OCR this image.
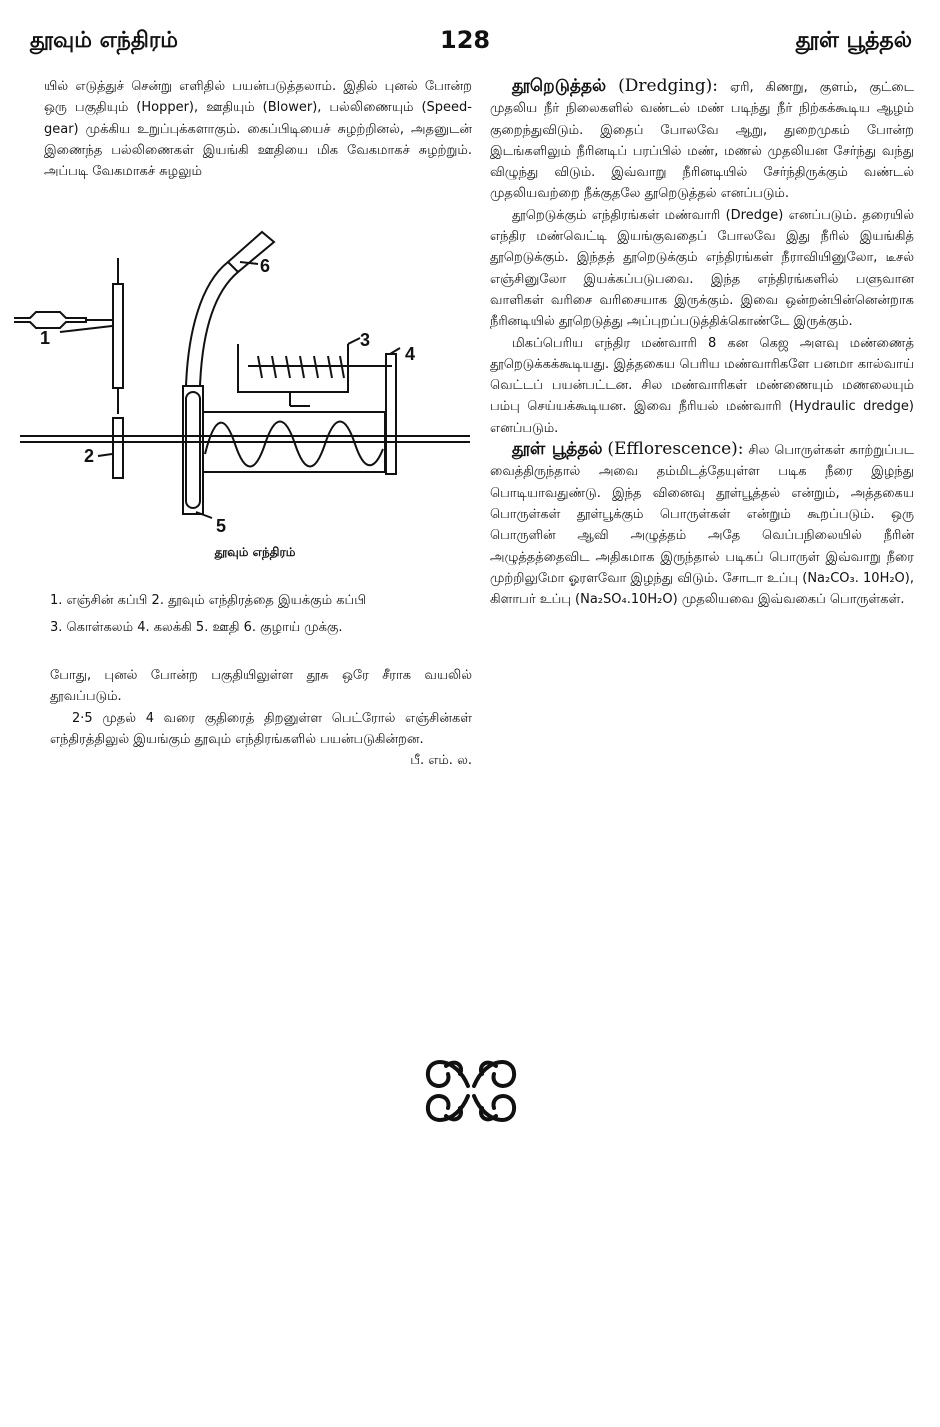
தூவும் எந்திரம்	128	தூள் பூத்தல்

யில் எடுத்துச் சென்று எளிதில் பயன்படுத்தலாம். இதில் புனல் போன்ற ஒரு பகுதியும் (Hopper), ஊதியும் (Blower), பல்லிணையும் (Speed-gear) முக்கிய உறுப்புக்களாகும். கைப்பிடியைச் சுழற்றினல், அதனுடன் இணைந்த பல்லிணைகள் இயங்கி ஊதியை மிக வேகமாகச் சுழற்றும். அப்படி வேகமாகச் சுழலும்

1
2
3
4
5
6
தூவும் எந்திரம்
1. எஞ்சின் கப்பி 2. தூவும் எந்திரத்தை இயக்கும் கப்பி
3. கொள்கலம் 4. கலக்கி 5. ஊதி 6. குழாய் முக்கு.

போது, புனல் போன்ற பகுதியிலுள்ள தூசு ஒரே சீராக வயலில் தூவப்படும்.

2·5 முதல் 4 வரை குதிரைத் திறனுள்ள பெட்ரோல் எஞ்சின்கள் எந்திரத்திலுல் இயங்கும் தூவும் எந்திரங்களில் பயன்படுகின்றன.
பீ. எம். ல.

தூறெடுத்தல் (Dredging): ஏரி, கிணறு, குளம், குட்டை முதலிய நீர் நிலைகளில் வண்டல் மண் படிந்து நீர் நிற்கக்கூடிய ஆழம் குறைந்துவிடும். இதைப் போலவே ஆறு, துறைமுகம் போன்ற இடங்களிலும் நீரினடிப் பரப்பில் மண், மணல் முதலியன சேர்ந்து வந்து விழுந்து விடும். இவ்வாறு நீரினடியில் சேர்ந்திருக்கும் வண்டல் முதலியவற்றை நீக்குதலே தூறெடுத்தல் எனப்படும்.

தூறெடுக்கும் எந்திரங்கள் மண்வாரி (Dredge) எனப்படும். தரையில் எந்திர மண்வெட்டி இயங்குவதைப் போலவே இது நீரில் இயங்கித் தூறெடுக்கும். இந்தத் தூறெடுக்கும் எந்திரங்கள் நீராவியினுலோ, டீசல் எஞ்சினுலோ இயக்கப்படுபவை. இந்த எந்திரங்களில் பளுவான வாளிகள் வரிசை வரிசையாக இருக்கும். இவை ஒன்றன்பின்னென்றாக நீரினடியில் தூறெடுத்து அப்புறப்படுத்திக்கொண்டே இருக்கும்.

மிகப்பெரிய எந்திர மண்வாரி 8 கன கெஜ அளவு மண்ணைத் தூறெடுக்கக்கூடியது. இத்தகைய பெரிய மண்வாரிகளே பனமா கால்வாய் வெட்டப் பயன்பட்டன. சில மண்வாரிகள் மண்ணையும் மணலையும் பம்பு செய்யக்கூடியன. இவை நீரியல் மண்வாரி (Hydraulic dredge) எனப்படும்.

தூள் பூத்தல் (Efflorescence): சில பொருள்கள் காற்றுப்பட வைத்திருந்தால் அவை தம்மிடத்தேயுள்ள படிக நீரை இழந்து பொடியாவதுண்டு. இந்த வினைவு தூள்பூத்தல் என்றும், அத்தகைய பொருள்கள் தூள்பூக்கும் பொருள்கள் என்றும் கூறப்படும். ஒரு பொருளின் ஆவி அழுத்தம் அதே வெப்பநிலையில் நீரின் அழுத்தத்தைவிட அதிகமாக இருந்தால் படிகப் பொருள் இவ்வாறு நீரை முற்றிலுமோ ஓரளவோ இழந்து விடும். சோடா உப்பு (Na₂CO₃. 10H₂O), கிளாபர் உப்பு (Na₂SO₄.10H₂O) முதலியவை இவ்வகைப் பொருள்கள்.
